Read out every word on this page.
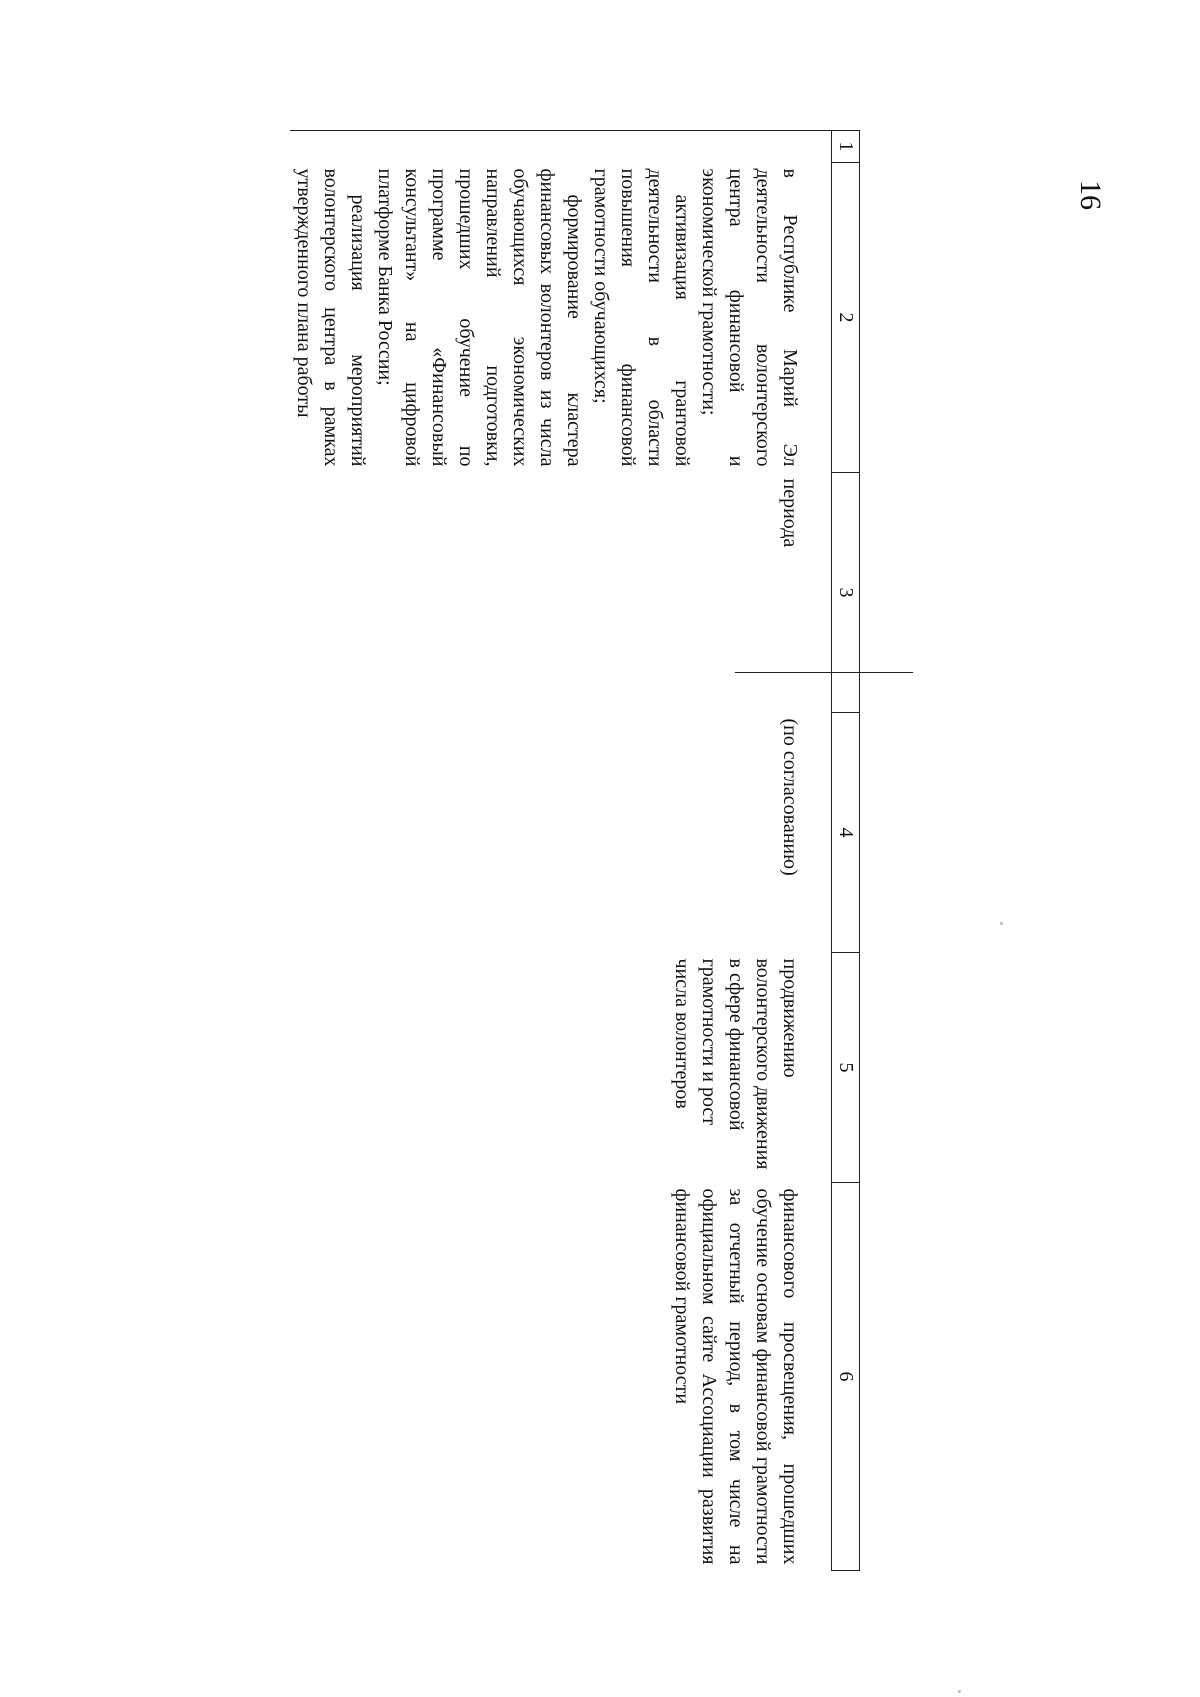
16
1	2	3	4	5	6

	в Республике Марий Эл деятельности волонтерского центра финансовой и экономической грамотности;

активизация грантовой деятельности в области повышения финансовой грамотности обучающихся;

формирование кластера финансовых волонтеров из числа обучающихся экономических направлений подготовки, прошедших обучение по программе «Финансовый консультант» на цифровой платформе Банка России;

реализация мероприятий волонтерского центра в рамках утвержденного плана работы	периода	(по согласованию)	продвижению волонтерского движения в сфере финансовой грамотности и рост числа волонтеров	финансового просвещения, прошедших обучение основам финансовой грамотности за отчетный период, в том числе на официальном сайте Ассоциации развития финансовой грамотности
